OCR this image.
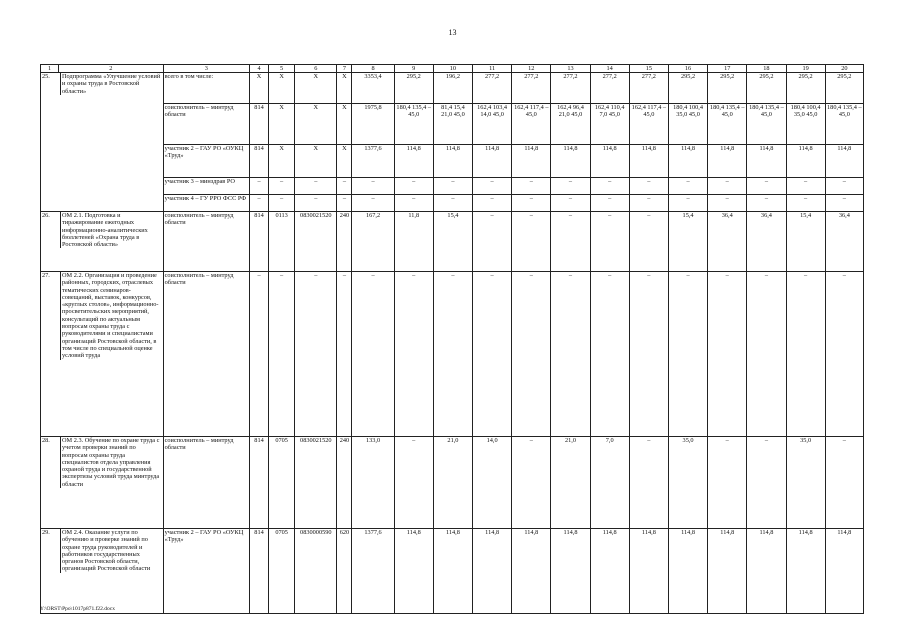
13
1	2	3	4	5	6	7	8	9	10	11	12	13	14	15	16	17	18	19	20

25. Подпрограмма «Улучшение условий и охраны труда в Ростовской области»		всего в том числе:	Х	Х	Х	Х	3353,4	295,2	196,2	277,2	277,2	277,2	277,2	277,2	295,2	295,2	295,2	295,2	295,2
		соисполнитель – минтруд области	814	Х	Х	Х	1975,8	180,4 135,4 – 45,0	81,4 15,4 21,0 45,0	162,4 103,4 14,0 45,0	162,4 117,4 – 45,0	162,4 96,4 21,0 45,0	162,4 110,4 7,0 45,0	162,4 117,4 – 45,0	180,4 100,4 35,0 45,0	180,4 135,4 – 45,0	180,4 135,4 – 45,0	180,4 100,4 35,0 45,0	180,4 135,4 – 45,0
		участник 2 – ГАУ РО «ОУКЦ «Труд»	814	Х	Х	Х	1377,6	114,8	114,8	114,8	114,8	114,8	114,8	114,8	114,8	114,8	114,8	114,8	114,8
		участник 3 – минздрав РО	–	–	–	–	–	–	–	–	–	–	–	–	–	–	–	–	–
		участник 4 – ГУ РРО ФСС РФ	–	–	–	–	–	–	–	–	–	–	–	–	–	–	–	–	–

26. ОМ 2.1. Подготовка и тиражирование ежегодных информационно-аналитических бюллетеней «Охрана труда в Ростовской области»		соисполнитель – минтруд области	814	0113	0830021520	240	167,2	11,8	15,4	–	–	–	–	–	15,4	36,4	36,4	15,4	36,4

27. ОМ 2.2. Организация и проведение районных, городских, отраслевых тематических семинаров-совещаний, выставок, конкурсов, «круглых столов», информационно-просветительских мероприятий, консультаций по актуальным вопросам охраны труда с руководителями и специалистами организаций Ростовской области, в том числе по специальной оценке условий труда		соисполнитель – минтруд области	–	–	–	–	–	–	–	–	–	–	–	–	–	–	–	–	–

28. ОМ 2.3. Обучение по охране труда с учетом проверки знаний по вопросам охраны труда специалистов отдела управления охраной труда и государственной экспертизы условий труда минтруда области		соисполнитель – минтруд области	814	0705	0830021520	240	133,0	–	21,0	14,0	–	21,0	7,0	–	35,0	–	–	35,0	–

29. ОМ 2.4. Оказание услуги по обучению и проверке знаний по охране труда руководителей и работников государственных органов Ростовской области, организаций Ростовской области		участник 2 – ГАУ РО «ОУКЦ «Труд»	814	0705	0830000590	620	1377,6	114,8	114,8	114,8	114,8	114,8	114,8	114,8	114,8	114,8	114,8	114,8	114,8
Y:\ORST\Ppo\1017p871.f22.docx
